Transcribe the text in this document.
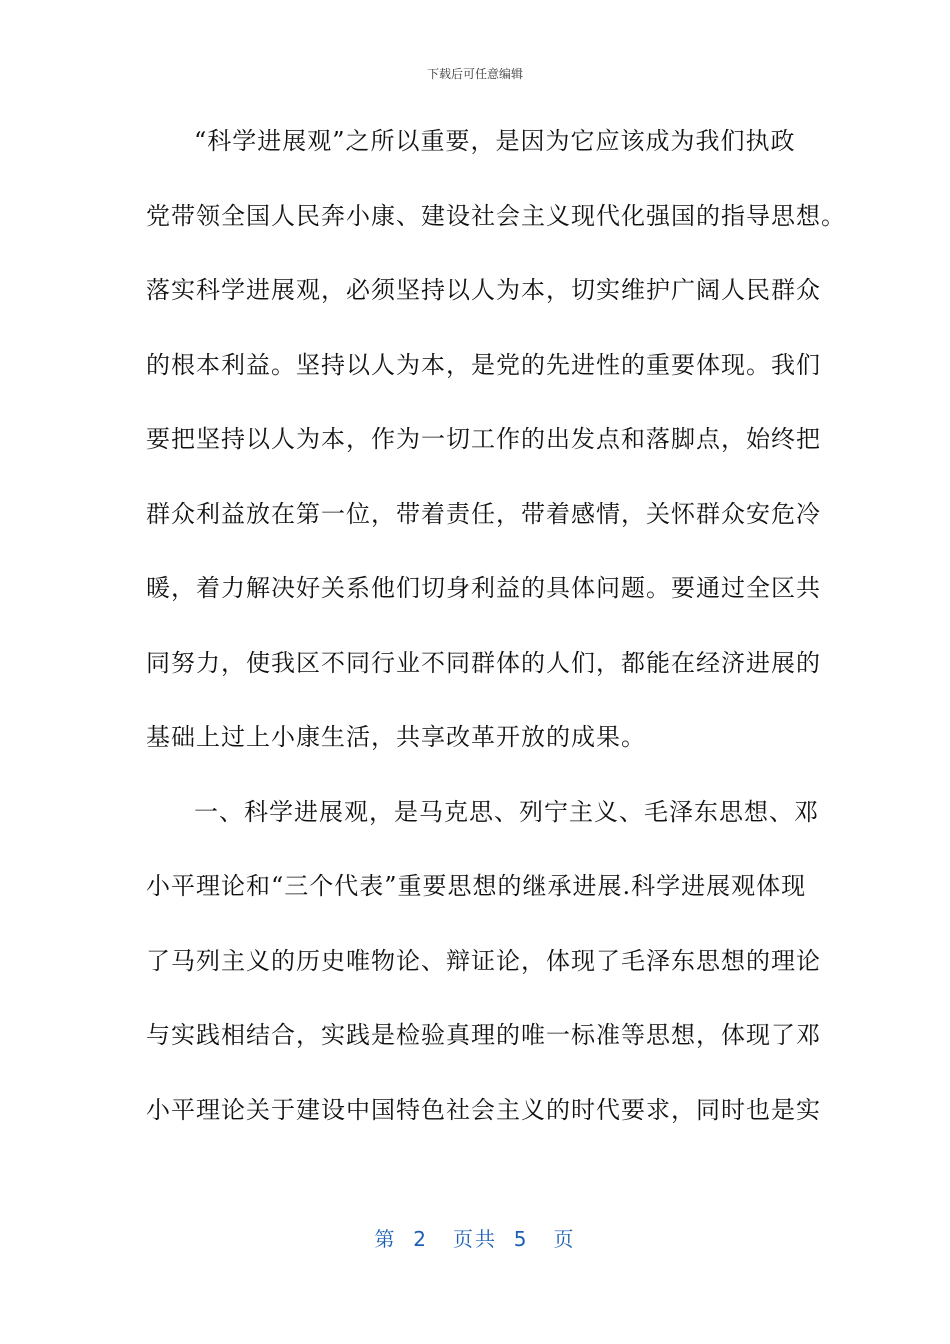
下载后可任意编辑
“科学进展观”之所以重要，是因为它应该成为我们执政
党带领全国人民奔小康、建设社会主义现代化强国的指导思想。
落实科学进展观，必须坚持以人为本，切实维护广阔人民群众
的根本利益。坚持以人为本，是党的先进性的重要体现。我们
要把坚持以人为本，作为一切工作的出发点和落脚点，始终把
群众利益放在第一位，带着责任，带着感情，关怀群众安危冷
暖，着力解决好关系他们切身利益的具体问题。要通过全区共
同努力，使我区不同行业不同群体的人们，都能在经济进展的
基础上过上小康生活，共享改革开放的成果。
一、科学进展观，是马克思、列宁主义、毛泽东思想、邓
小平理论和“三个代表”重要思想的继承进展.科学进展观体现
了马列主义的历史唯物论、辩证论，体现了毛泽东思想的理论
与实践相结合，实践是检验真理的唯一标准等思想，体现了邓
小平理论关于建设中国特色社会主义的时代要求，同时也是实
第 2 页共 5 页
